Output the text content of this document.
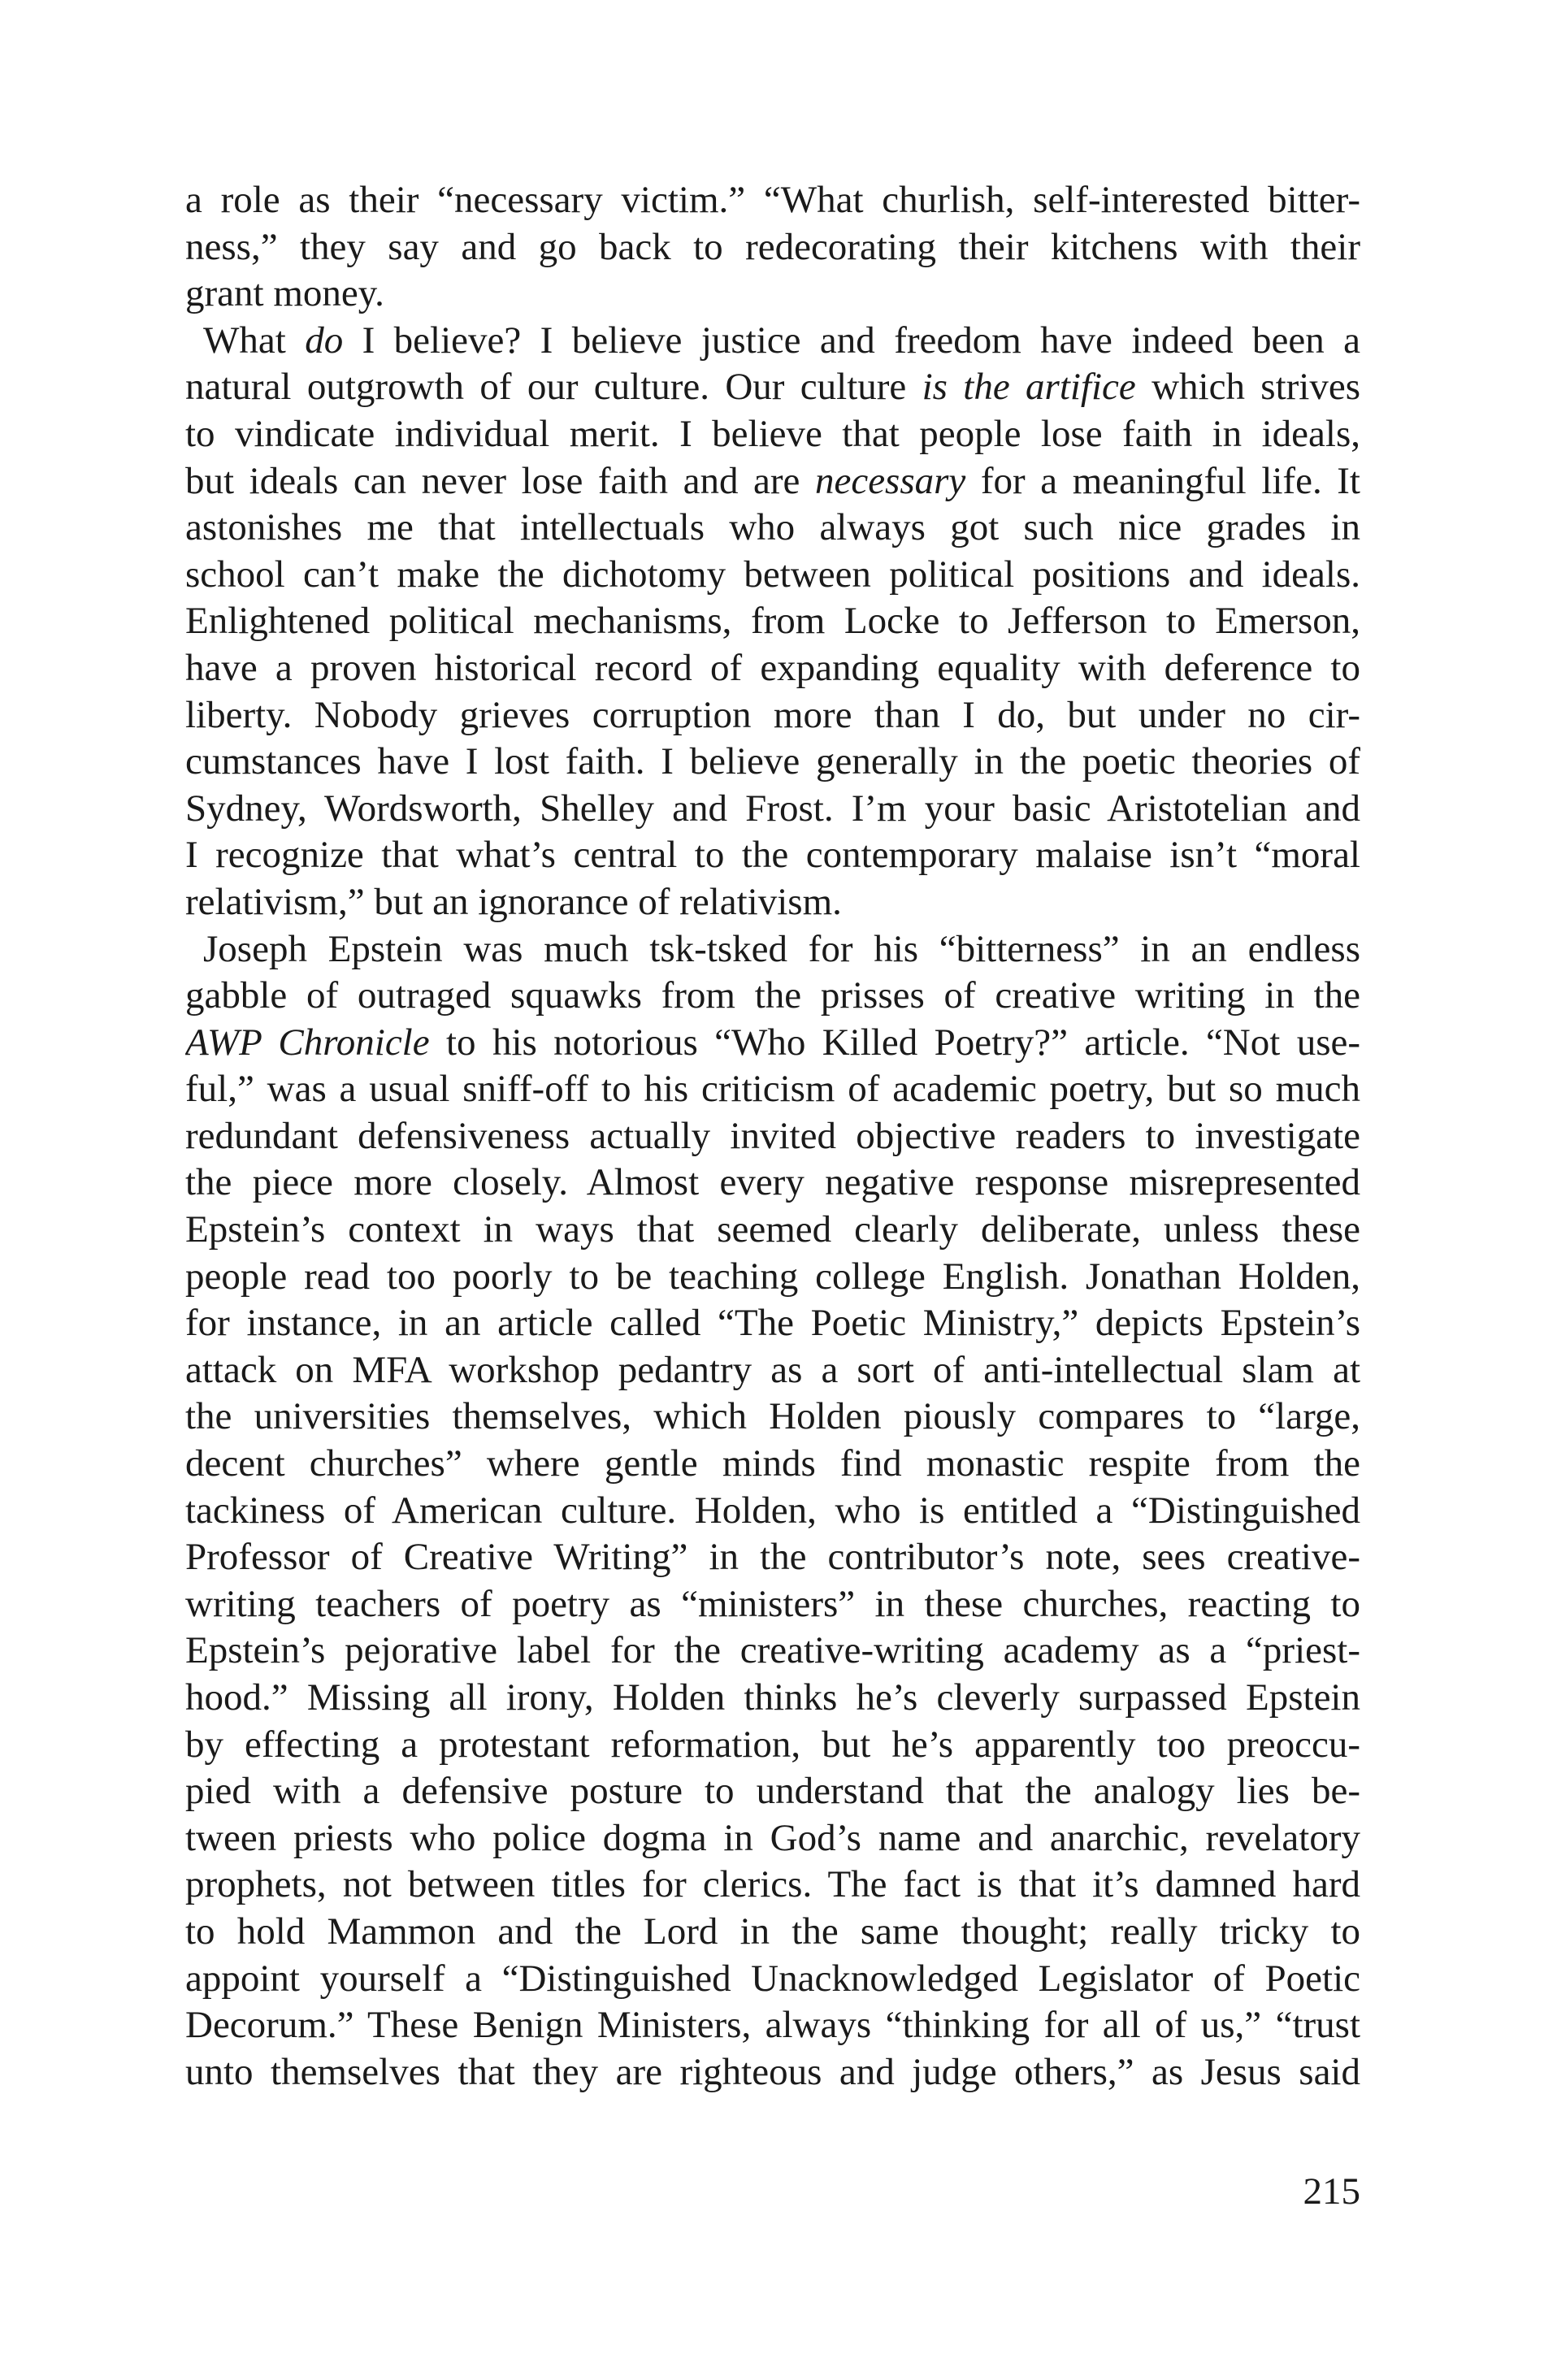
a role as their “necessary victim.” “What churlish, self-interested bitter-
ness,” they say and go back to redecorating their kitchens with their
grant money.
What do I believe? I believe justice and freedom have indeed been a
natural outgrowth of our culture. Our culture is the artifice which strives
to vindicate individual merit. I believe that people lose faith in ideals,
but ideals can never lose faith and are necessary for a meaningful life. It
astonishes me that intellectuals who always got such nice grades in
school can’t make the dichotomy between political positions and ideals.
Enlightened political mechanisms, from Locke to Jefferson to Emerson,
have a proven historical record of expanding equality with deference to
liberty. Nobody grieves corruption more than I do, but under no cir-
cumstances have I lost faith. I believe generally in the poetic theories of
Sydney, Wordsworth, Shelley and Frost. I’m your basic Aristotelian and
I recognize that what’s central to the contemporary malaise isn’t “moral
relativism,” but an ignorance of relativism.
Joseph Epstein was much tsk-tsked for his “bitterness” in an endless
gabble of outraged squawks from the prisses of creative writing in the
AWP Chronicle to his notorious “Who Killed Poetry?” article. “Not use-
ful,” was a usual sniff-off to his criticism of academic poetry, but so much
redundant defensiveness actually invited objective readers to investigate
the piece more closely. Almost every negative response misrepresented
Epstein’s context in ways that seemed clearly deliberate, unless these
people read too poorly to be teaching college English. Jonathan Holden,
for instance, in an article called “The Poetic Ministry,” depicts Epstein’s
attack on MFA workshop pedantry as a sort of anti-intellectual slam at
the universities themselves, which Holden piously compares to “large,
decent churches” where gentle minds find monastic respite from the
tackiness of American culture. Holden, who is entitled a “Distinguished
Professor of Creative Writing” in the contributor’s note, sees creative-
writing teachers of poetry as “ministers” in these churches, reacting to
Epstein’s pejorative label for the creative-writing academy as a “priest-
hood.” Missing all irony, Holden thinks he’s cleverly surpassed Epstein
by effecting a protestant reformation, but he’s apparently too preoccu-
pied with a defensive posture to understand that the analogy lies be-
tween priests who police dogma in God’s name and anarchic, revelatory
prophets, not between titles for clerics. The fact is that it’s damned hard
to hold Mammon and the Lord in the same thought; really tricky to
appoint yourself a “Distinguished Unacknowledged Legislator of Poetic
Decorum.” These Benign Ministers, always “thinking for all of us,” “trust
unto themselves that they are righteous and judge others,” as Jesus said
215
